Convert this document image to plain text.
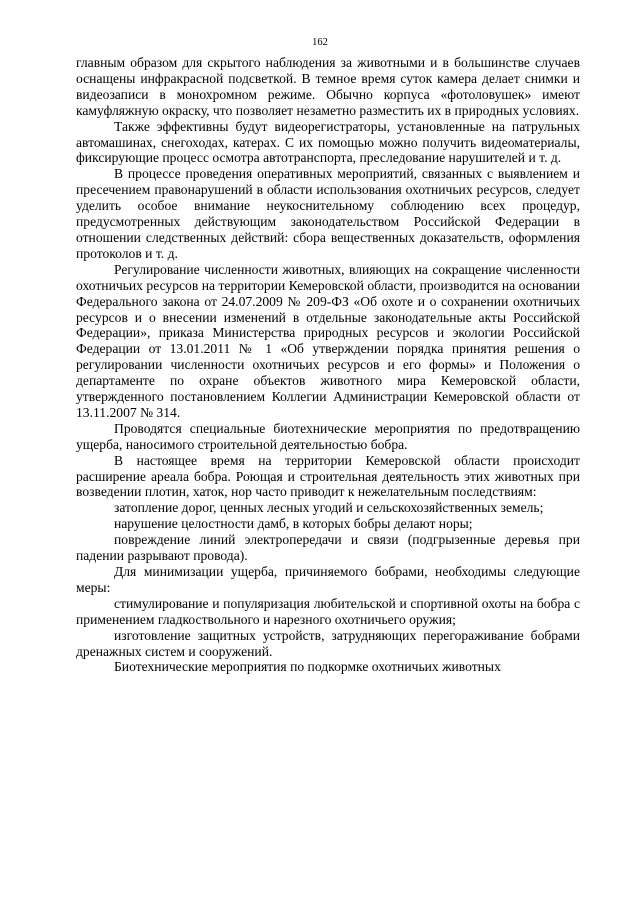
162

главным образом для скрытого наблюдения за животными и в большинстве случаев оснащены инфракрасной подсветкой. В темное время суток камера делает снимки и видеозаписи в монохромном режиме. Обычно корпуса «фотоловушек» имеют камуфляжную окраску, что позволяет незаметно разместить их в природных условиях.

Также эффективны будут видеорегистраторы, установленные на патрульных автомашинах, снегоходах, катерах. С их помощью можно получить видеоматериалы, фиксирующие процесс осмотра автотранспорта, преследование нарушителей и т. д.

В процессе проведения оперативных мероприятий, связанных с выявлением и пресечением правонарушений в области использования охотничьих ресурсов, следует уделить особое внимание неукоснительному соблюдению всех процедур, предусмотренных действующим законодательством Российской Федерации в отношении следственных действий: сбора вещественных доказательств, оформления протоколов и т. д.

Регулирование численности животных, влияющих на сокращение численности охотничьих ресурсов на территории Кемеровской области, производится на основании Федерального закона от 24.07.2009 № 209-ФЗ «Об охоте и о сохранении охотничьих ресурсов и о внесении изменений в отдельные законодательные акты Российской Федерации», приказа Министерства природных ресурсов и экологии Российской Федерации от 13.01.2011 № 1 «Об утверждении порядка принятия решения о регулировании численности охотничьих ресурсов и его формы» и Положения о департаменте по охране объектов животного мира Кемеровской области, утвержденного постановлением Коллегии Администрации Кемеровской области от 13.11.2007 № 314.

Проводятся специальные биотехнические мероприятия по предотвращению ущерба, наносимого строительной деятельностью бобра.

В настоящее время на территории Кемеровской области происходит расширение ареала бобра. Роющая и строительная деятельность этих животных при возведении плотин, хаток, нор часто приводит к нежелательным последствиям:

затопление дорог, ценных лесных угодий и сельскохозяйственных земель;

нарушение целостности дамб, в которых бобры делают норы;

повреждение линий электропередачи и связи (подгрызенные деревья при падении разрывают провода).

Для минимизации ущерба, причиняемого бобрами, необходимы следующие меры:

стимулирование и популяризация любительской и спортивной охоты на бобра с применением гладкоствольного и нарезного охотничьего оружия;

изготовление защитных устройств, затрудняющих перегораживание бобрами дренажных систем и сооружений.

Биотехнические мероприятия по подкормке охотничьих животных
